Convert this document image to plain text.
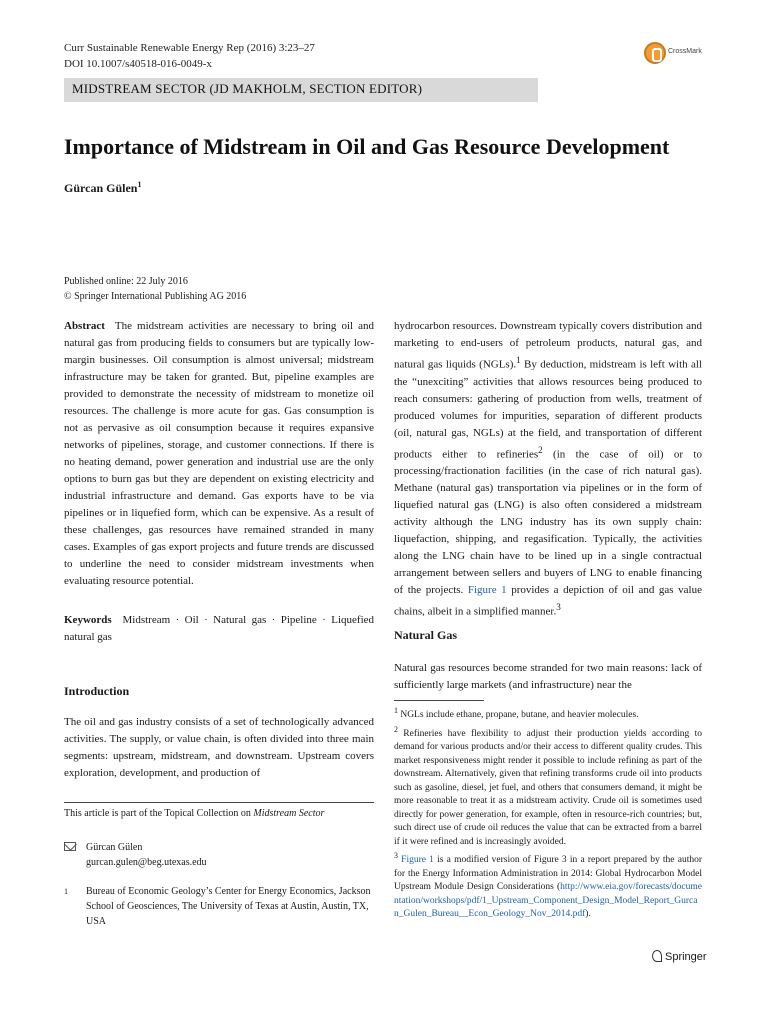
Curr Sustainable Renewable Energy Rep (2016) 3:23–27
DOI 10.1007/s40518-016-0049-x
CrossMark
MIDSTREAM SECTOR (JD MAKHOLM, SECTION EDITOR)
Importance of Midstream in Oil and Gas Resource Development
Gürcan Gülen$^1$
Published online: 22 July 2016
© Springer International Publishing AG 2016

Abstract The midstream activities are necessary to bring oil and natural gas from producing fields to consumers but are typically low-margin businesses. Oil consumption is almost universal; midstream infrastructure may be taken for granted. But, pipeline examples are provided to demonstrate the necessity of midstream to monetize oil resources. The challenge is more acute for gas. Gas consumption is not as pervasive as oil consumption because it requires expansive networks of pipelines, storage, and customer connections. If there is no heating demand, power generation and industrial use are the only options to burn gas but they are dependent on existing electricity and industrial infrastructure and demand. Gas exports have to be via pipelines or in liquefied form, which can be expensive. As a result of these challenges, gas resources have remained stranded in many cases. Examples of gas export projects and future trends are discussed to underline the need to consider midstream investments when evaluating resource potential.

Keywords Midstream · Oil · Natural gas · Pipeline · Liquefied natural gas

Introduction

The oil and gas industry consists of a set of technologically advanced activities. The supply, or value chain, is often divided into three main segments: upstream, midstream, and downstream. Upstream covers exploration, development, and production of

This article is part of the Topical Collection on Midstream Sector
Gürcan Gülen
gurcan.gulen@beg.utexas.edu
1 Bureau of Economic Geology’s Center for Energy Economics, Jackson School of Geosciences, The University of Texas at Austin, Austin, TX, USA

hydrocarbon resources. Downstream typically covers distribution and marketing to end-users of petroleum products, natural gas, and natural gas liquids (NGLs).$^1$ By deduction, midstream is left with all the “unexciting” activities that allows resources being produced to reach consumers: gathering of production from wells, treatment of produced volumes for impurities, separation of different products (oil, natural gas, NGLs) at the field, and transportation of different products either to refineries$^2$ (in the case of oil) or to processing/fractionation facilities (in the case of rich natural gas). Methane (natural gas) transportation via pipelines or in the form of liquefied natural gas (LNG) is also often considered a midstream activity although the LNG industry has its own supply chain: liquefaction, shipping, and regasification. Typically, the activities along the LNG chain have to be lined up in a single contractual arrangement between sellers and buyers of LNG to enable financing of the projects. Figure 1 provides a depiction of oil and gas value chains, albeit in a simplified manner.$^3$

Natural Gas

Natural gas resources become stranded for two main reasons: lack of sufficiently large markets (and infrastructure) near the

$^1$ NGLs include ethane, propane, butane, and heavier molecules.

$^2$ Refineries have flexibility to adjust their production yields according to demand for various products and/or their access to different quality crudes. This market responsiveness might render it possible to include refining as part of the downstream. Alternatively, given that refining transforms crude oil into products such as gasoline, diesel, jet fuel, and others that consumers demand, it might be more reasonable to treat it as a midstream activity. Crude oil is sometimes used directly for power generation, for example, often in resource-rich countries; but, such direct use of crude oil reduces the value that can be extracted from a barrel if it were refined and is increasingly avoided.

$^3$ Figure 1 is a modified version of Figure 3 in a report prepared by the author for the Energy Information Administration in 2014: Global Hydrocarbon Model Upstream Module Design Considerations (http://www.eia.gov/forecasts/documentation/workshops/pdf/1_Upstream_Component_Design_Model_Report_Gurcan_Gulen_Bureau__Econ_Geology_Nov_2014.pdf).

Springer
